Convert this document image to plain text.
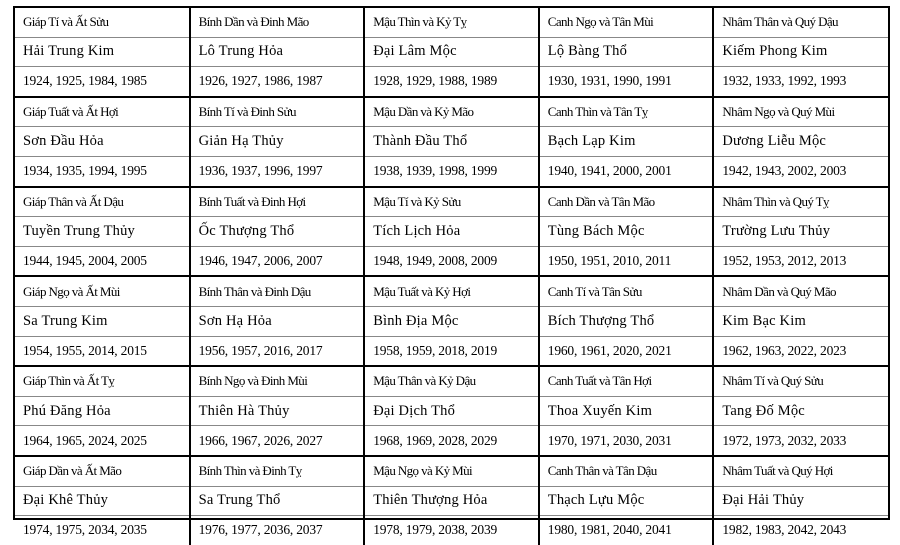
Giáp Tí và Ất Sửu	Bính Dần và Đinh Mão	Mậu Thìn và Kỷ Tỵ	Canh Ngọ và Tân Mùi	Nhâm Thân và Quý Dậu
Hải Trung Kim	Lô Trung Hỏa	Đại Lâm Mộc	Lộ Bàng Thổ	Kiếm Phong Kim
1924, 1925, 1984, 1985	1926, 1927, 1986, 1987	1928, 1929, 1988, 1989	1930, 1931, 1990, 1991	1932, 1933, 1992, 1993
Giáp Tuất và Ất Hợi	Bính Tí và Đinh Sửu	Mậu Dần và Kỷ Mão	Canh Thìn và Tân Tỵ	Nhâm Ngọ và Quý Mùi
Sơn Đầu Hỏa	Giản Hạ Thủy	Thành Đầu Thổ	Bạch Lạp Kim	Dương Liễu Mộc
1934, 1935, 1994, 1995	1936, 1937, 1996, 1997	1938, 1939, 1998, 1999	1940, 1941, 2000, 2001	1942, 1943, 2002, 2003
Giáp Thân và Ất Dậu	Bính Tuất và Đinh Hợi	Mậu Tí và Kỷ Sửu	Canh Dần và Tân Mão	Nhâm Thìn và Quý Tỵ
Tuyền Trung Thủy	Ốc Thượng Thổ	Tích Lịch Hỏa	Tùng Bách Mộc	Trường Lưu Thủy
1944, 1945, 2004, 2005	1946, 1947, 2006, 2007	1948, 1949, 2008, 2009	1950, 1951, 2010, 2011	1952, 1953, 2012, 2013
Giáp Ngọ và Ất Mùi	Bính Thân và Đinh Dậu	Mậu Tuất và Kỷ Hợi	Canh Tí và Tân Sửu	Nhâm Dần và Quý Mão
Sa Trung Kim	Sơn Hạ Hỏa	Bình Địa Mộc	Bích Thượng Thổ	Kim Bạc Kim
1954, 1955, 2014, 2015	1956, 1957, 2016, 2017	1958, 1959, 2018, 2019	1960, 1961, 2020, 2021	1962, 1963, 2022, 2023
Giáp Thìn và Ất Tỵ	Bính Ngọ và Đinh Mùi	Mậu Thân và Kỷ Dậu	Canh Tuất và Tân Hợi	Nhâm Tí và Quý Sửu
Phú Đăng Hỏa	Thiên Hà Thủy	Đại Dịch Thổ	Thoa Xuyến Kim	Tang Đố Mộc
1964, 1965, 2024, 2025	1966, 1967, 2026, 2027	1968, 1969, 2028, 2029	1970, 1971, 2030, 2031	1972, 1973, 2032, 2033
Giáp Dần và Ất Mão	Bính Thìn và Đinh Tỵ	Mậu Ngọ và Kỷ Mùi	Canh Thân và Tân Dậu	Nhâm Tuất và Quý Hợi
Đại Khê Thủy	Sa Trung Thổ	Thiên Thượng Hỏa	Thạch Lựu Mộc	Đại Hải Thủy
1974, 1975, 2034, 2035	1976, 1977, 2036, 2037	1978, 1979, 2038, 2039	1980, 1981, 2040, 2041	1982, 1983, 2042, 2043
